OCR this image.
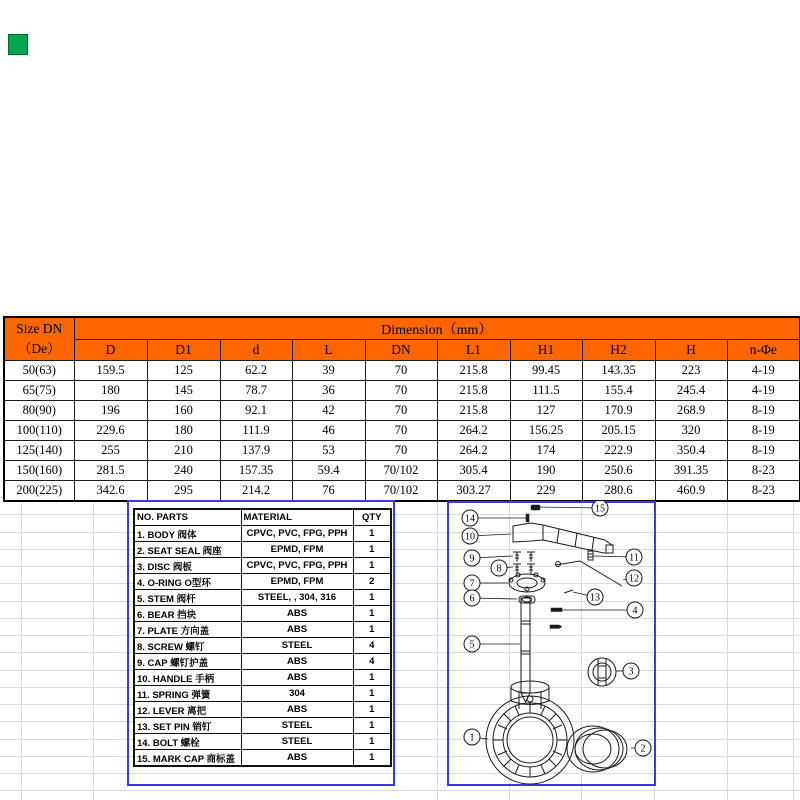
Size DN
（De）	Dimension（mm）									
	D	D1	d	L	DN	L1	H1	H2	H	n-Φe
50(63)	159.5	125	62.2	39	70	215.8	99.45	143.35	223	4-19
65(75)	180	145	78.7	36	70	215.8	111.5	155.4	245.4	4-19
80(90)	196	160	92.1	42	70	215.8	127	170.9	268.9	8-19
100(110)	229.6	180	111.9	46	70	264.2	156.25	205.15	320	8-19
125(140)	255	210	137.9	53	70	264.2	174	222.9	350.4	8-19
150(160)	281.5	240	157.35	59.4	70/102	305.4	190	250.6	391.35	8-23
200(225)	342.6	295	214.2	76	70/102	303.27	229	280.6	460.9	8-23
NO. PARTS	MATERIAL	QTY
1. BODY 阀体	CPVC, PVC, FPG, PPH	1
2. SEAT SEAL 阀座	EPMD, FPM	1
3. DISC 阀板	CPVC, PVC, FPG, PPH	1
4. O-RING O型环	EPMD, FPM	2
5. STEM 阀杆	STEEL, , 304, 316	1
6. BEAR 挡块	ABS	1
7. PLATE 方向盖	ABS	1
8. SCREW 螺钉	STEEL	4
9. CAP 螺钉护盖	ABS	4
10. HANDLE 手柄	ABS	1
11. SPRING 弹簧	304	1
12. LEVER 离把	ABS	1
13. SET PIN 销钉	STEEL	1
14. BOLT 螺栓	STEEL	1
15. MARK CAP 商标盖	ABS	1
15
14
10
9
8
11
12
7
13
6
4
5
3
1
2
